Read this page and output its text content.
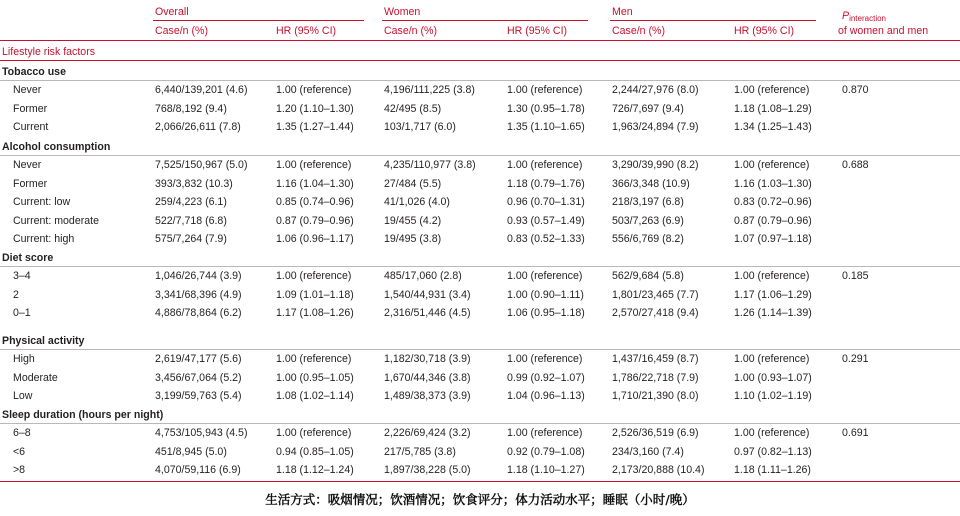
Overall	Women	Men
Case/n (%)	HR (95% CI)	Case/n (%)	HR (95% CI)	Case/n (%)	HR (95% CI)
$P_{interaction}$
of women and men
Lifestyle risk factors
Tobacco use
Never	6,440/139,201 (4.6)	1.00 (reference)	4,196/111,225 (3.8)	1.00 (reference)	2,244/27,976 (8.0)	1.00 (reference)	0.870
Former	768/8,192 (9.4)	1.20 (1.10–1.30)	42/495 (8.5)	1.30 (0.95–1.78)	726/7,697 (9.4)	1.18 (1.08–1.29)
Current	2,066/26,611 (7.8)	1.35 (1.27–1.44)	103/1,717 (6.0)	1.35 (1.10–1.65)	1,963/24,894 (7.9)	1.34 (1.25–1.43)
Alcohol consumption
Never	7,525/150,967 (5.0)	1.00 (reference)	4,235/110,977 (3.8)	1.00 (reference)	3,290/39,990 (8.2)	1.00 (reference)	0.688
Former	393/3,832 (10.3)	1.16 (1.04–1.30)	27/484 (5.5)	1.18 (0.79–1.76)	366/3,348 (10.9)	1.16 (1.03–1.30)
Current: low	259/4,223 (6.1)	0.85 (0.74–0.96)	41/1,026 (4.0)	0.96 (0.70–1.31)	218/3,197 (6.8)	0.83 (0.72–0.96)
Current: moderate	522/7,718 (6.8)	0.87 (0.79–0.96)	19/455 (4.2)	0.93 (0.57–1.49)	503/7,263 (6.9)	0.87 (0.79–0.96)
Current: high	575/7,264 (7.9)	1.06 (0.96–1.17)	19/495 (3.8)	0.83 (0.52–1.33)	556/6,769 (8.2)	1.07 (0.97–1.18)
Diet score
3–4	1,046/26,744 (3.9)	1.00 (reference)	485/17,060 (2.8)	1.00 (reference)	562/9,684 (5.8)	1.00 (reference)	0.185
2	3,341/68,396 (4.9)	1.09 (1.01–1.18)	1,540/44,931 (3.4)	1.00 (0.90–1.11)	1,801/23,465 (7.7)	1.17 (1.06–1.29)
0–1	4,886/78,864 (6.2)	1.17 (1.08–1.26)	2,316/51,446 (4.5)	1.06 (0.95–1.18)	2,570/27,418 (9.4)	1.26 (1.14–1.39)
Physical activity
High	2,619/47,177 (5.6)	1.00 (reference)	1,182/30,718 (3.9)	1.00 (reference)	1,437/16,459 (8.7)	1.00 (reference)	0.291
Moderate	3,456/67,064 (5.2)	1.00 (0.95–1.05)	1,670/44,346 (3.8)	0.99 (0.92–1.07)	1,786/22,718 (7.9)	1.00 (0.93–1.07)
Low	3,199/59,763 (5.4)	1.08 (1.02–1.14)	1,489/38,373 (3.9)	1.04 (0.96–1.13)	1,710/21,390 (8.0)	1.10 (1.02–1.19)
Sleep duration (hours per night)
6–8	4,753/105,943 (4.5)	1.00 (reference)	2,226/69,424 (3.2)	1.00 (reference)	2,526/36,519 (6.9)	1.00 (reference)	0.691
<6	451/8,945 (5.0)	0.94 (0.85–1.05)	217/5,785 (3.8)	0.92 (0.79–1.08)	234/3,160 (7.4)	0.97 (0.82–1.13)
>8	4,070/59,116 (6.9)	1.18 (1.12–1.24)	1,897/38,228 (5.0)	1.18 (1.10–1.27)	2,173/20,888 (10.4)	1.18 (1.11–1.26)
生活方式：吸烟情况；饮酒情况；饮食评分；体力活动水平；睡眠（小时/晚）
